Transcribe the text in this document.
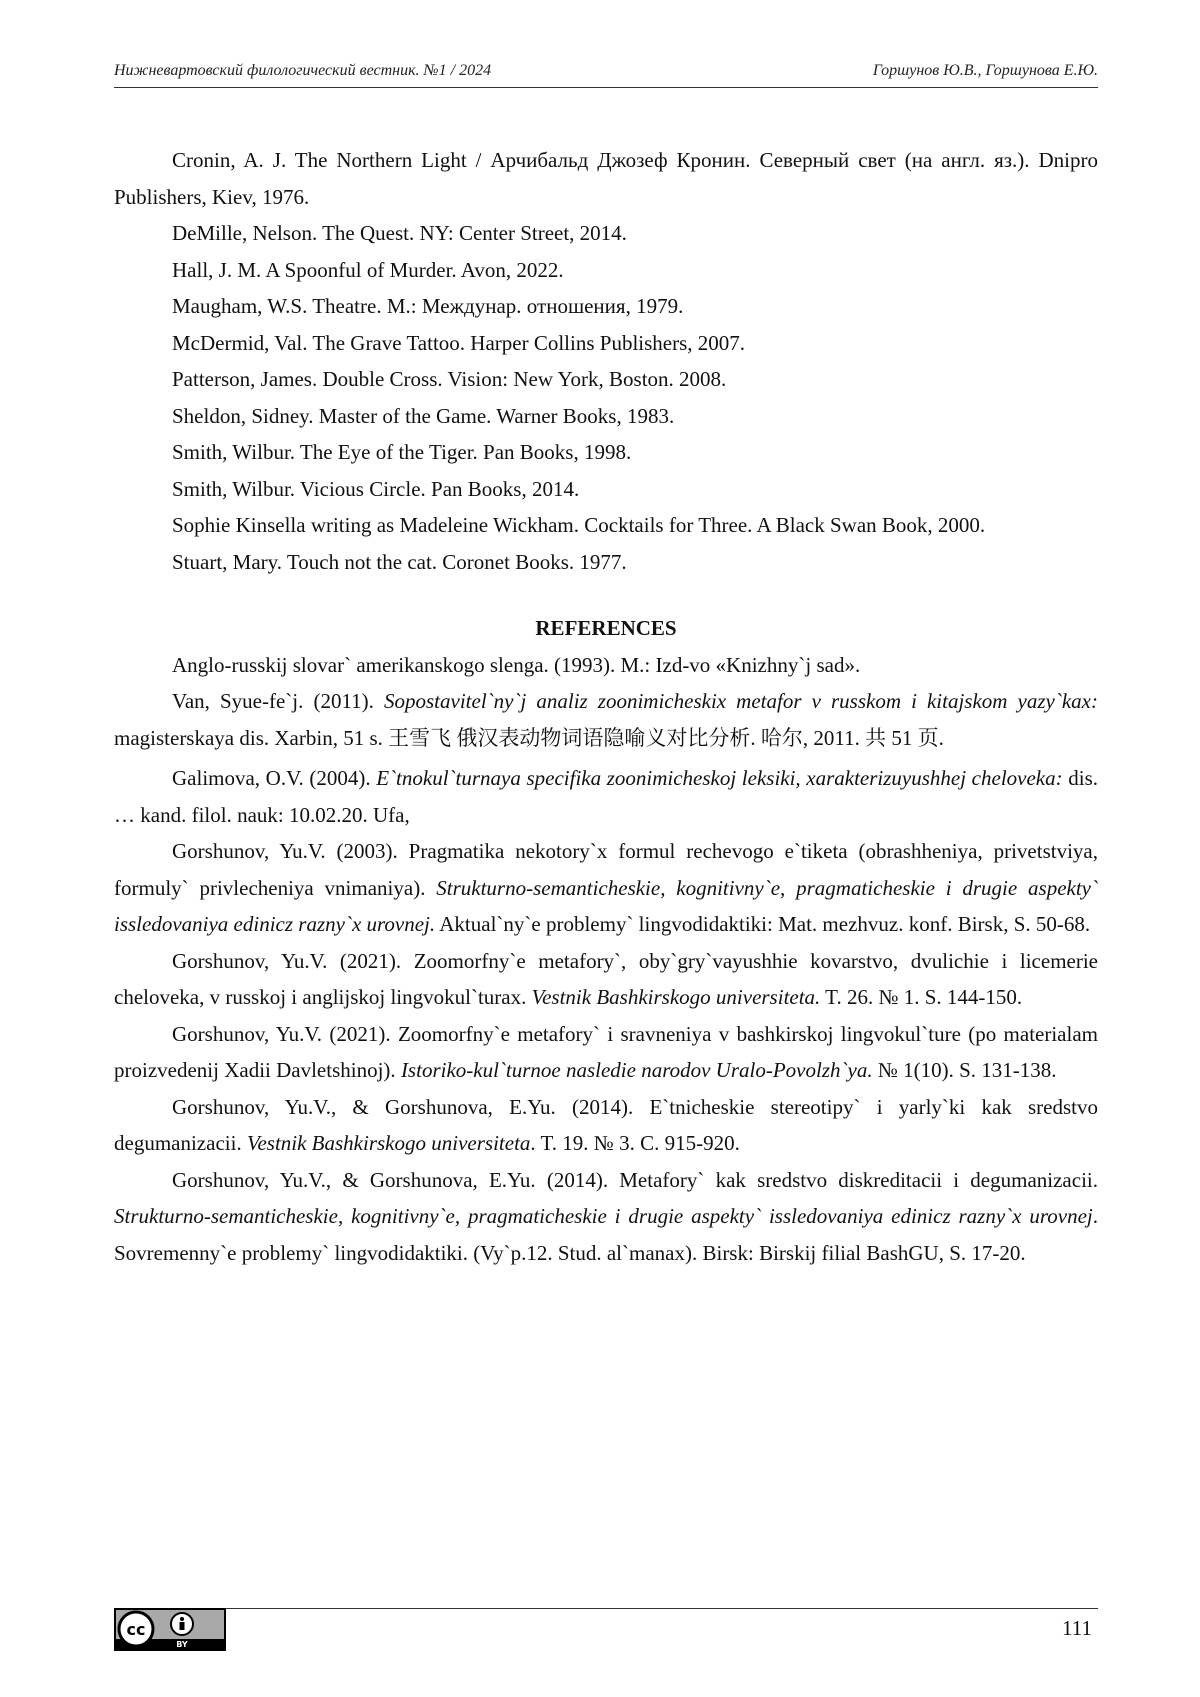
Нижневартовский филологический вестник. №1 / 2024	Горшунов Ю.В., Горшунова Е.Ю.

Cronin, A. J. The Northern Light / Арчибальд Джозеф Кронин. Северный свет (на англ. яз.). Dnipro Publishers, Kiev, 1976.

DeMille, Nelson. The Quest. NY: Center Street, 2014.

Hall, J. M. A Spoonful of Murder. Avon, 2022.

Maugham, W.S. Theatre. M.: Междунар. отношения, 1979.

McDermid, Val. The Grave Tattoo. Harper Collins Publishers, 2007.

Patterson, James. Double Cross. Vision: New York, Boston. 2008.

Sheldon, Sidney. Master of the Game. Warner Books, 1983.

Smith, Wilbur. The Eye of the Tiger. Pan Books, 1998.

Smith, Wilbur. Vicious Circle. Pan Books, 2014.

Sophie Kinsella writing as Madeleine Wickham. Cocktails for Three. A Black Swan Book, 2000.

Stuart, Mary. Touch not the cat. Coronet Books. 1977.

REFERENCES

Anglo-russkij slovar` amerikanskogo slenga. (1993). M.: Izd-vo «Knizhny`j sad».

Van, Syue-fe`j. (2011). Sopostavitel`ny`j analiz zoonimicheskix metafor v russkom i kitajskom yazy`kax: magisterskaya dis. Xarbin, 51 s. 王雪飞 俄汉表动物词语隐喻义对比分析. 哈尔, 2011. 共 51 页.

Galimova, O.V. (2004). E`tnokul`turnaya specifika zoonimicheskoj leksiki, xarakterizuyushhej cheloveka: dis. … kand. filol. nauk: 10.02.20. Ufa,

Gorshunov, Yu.V. (2003). Pragmatika nekotory`x formul rechevogo e`tiketa (obrashheniya, privetstviya, formuly` privlecheniya vnimaniya). Strukturno-semanticheskie, kognitivny`e, pragmaticheskie i drugie aspekty` issledovaniya edinicz razny`x urovnej. Aktual`ny`e problemy` lingvodidaktiki: Mat. mezhvuz. konf. Birsk, S. 50-68.

Gorshunov, Yu.V. (2021). Zoomorfny`e metafory`, oby`gry`vayushhie kovarstvo, dvulichie i licemerie cheloveka, v russkoj i anglijskoj lingvokul`turax. Vestnik Bashkirskogo universiteta. T. 26. № 1. S. 144-150.

Gorshunov, Yu.V. (2021). Zoomorfny`e metafory` i sravneniya v bashkirskoj lingvokul`ture (po materialam proizvedenij Xadii Davletshinoj). Istoriko-kul`turnoe nasledie narodov Uralo-Povolzh`ya. № 1(10). S. 131-138.

Gorshunov, Yu.V., & Gorshunova, E.Yu. (2014). E`tnicheskie stereotipy` i yarly`ki kak sredstvo degumanizacii. Vestnik Bashkirskogo universiteta. T. 19. № 3. C. 915-920.

Gorshunov, Yu.V., & Gorshunova, E.Yu. (2014). Metafory` kak sredstvo diskreditacii i degumanizacii. Strukturno-semanticheskie, kognitivny`e, pragmaticheskie i drugie aspekty` issledovaniya edinicz razny`x urovnej. Sovremenny`e problemy` lingvodidaktiki. (Vy`p.12. Stud. al`manax). Birsk: Birskij filial BashGU, S. 17-20.

cc
BY
111
